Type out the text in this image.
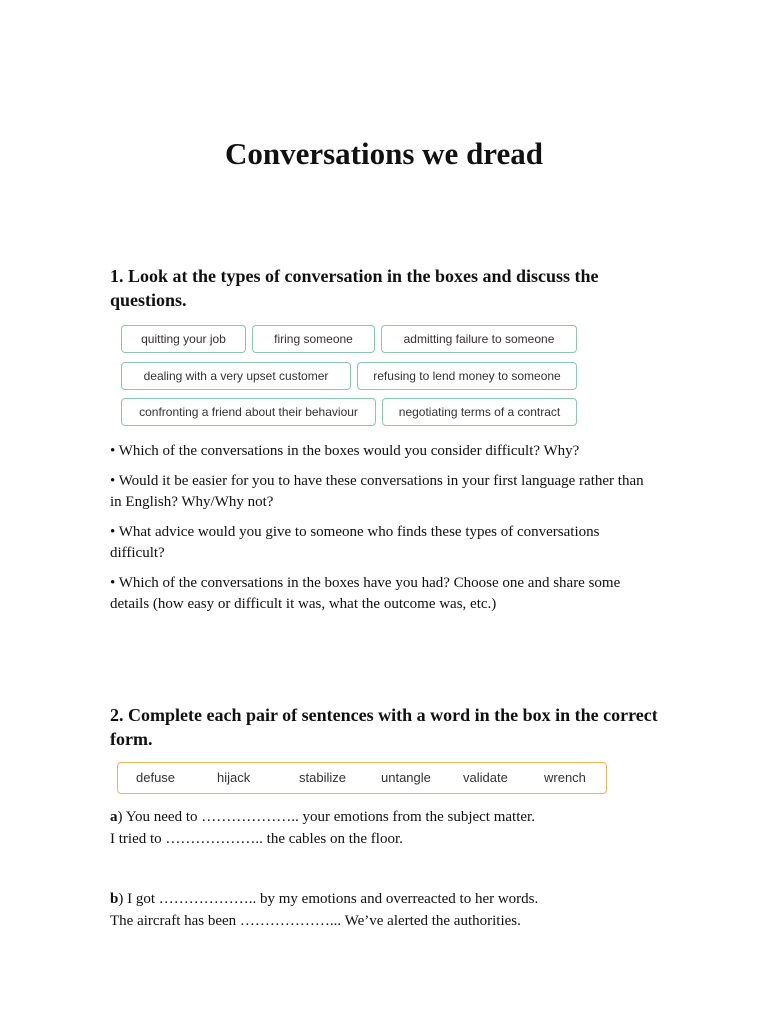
Conversations we dread
1. Look at the types of conversation in the boxes and discuss the questions.
quitting your job	firing someone	admitting failure to someone
dealing with a very upset customer	refusing to lend money to someone
confronting a friend about their behaviour	negotiating terms of a contract

• Which of the conversations in the boxes would you consider difficult? Why?

• Would it be easier for you to have these conversations in your first language rather than in English? Why/Why not?

• What advice would you give to someone who finds these types of conversations difficult?

• Which of the conversations in the boxes have you had? Choose one and share some details (how easy or difficult it was, what the outcome was, etc.)

2. Complete each pair of sentences with a word in the box in the correct form.
defuse	hijack	stabilize	untangle validate	wrench

a) You need to ……………….. your emotions from the subject matter.
I tried to ……………….. the cables on the floor.

b) I got ……………….. by my emotions and overreacted to her words.
The aircraft has been ………………... We’ve alerted the authorities.
